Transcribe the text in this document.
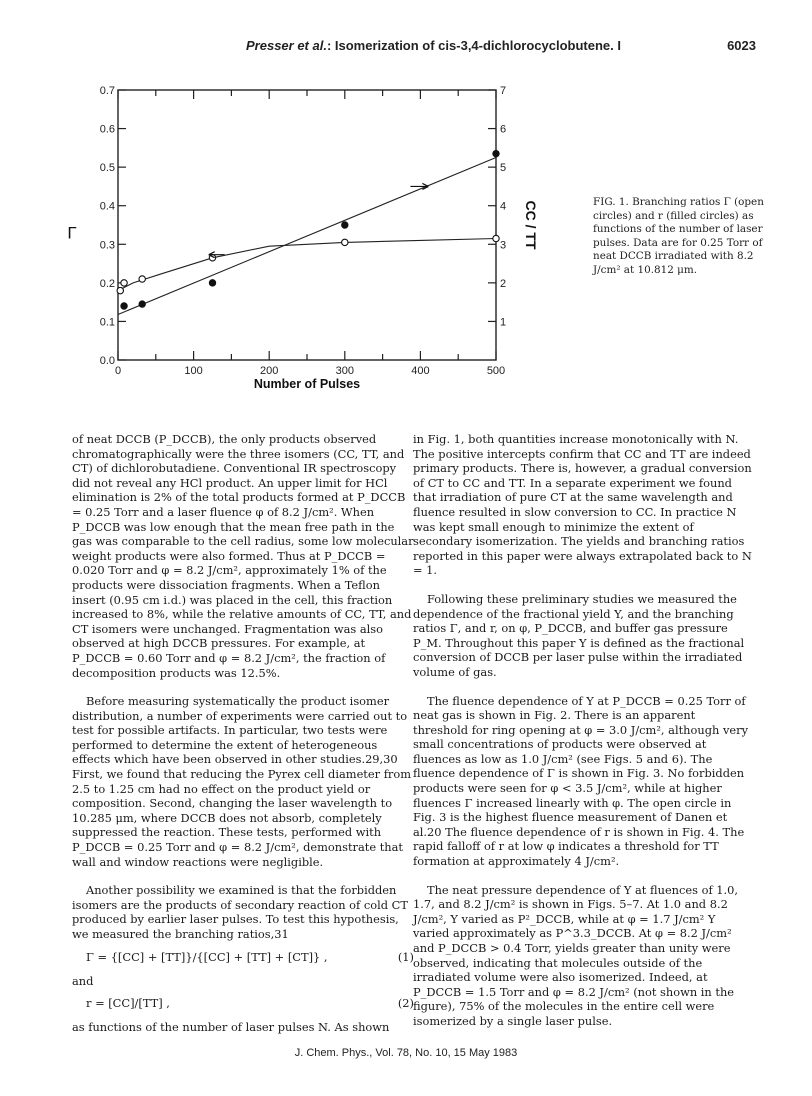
Presser et al.: Isomerization of cis-3,4-dichlorocyclobutene. I	6023
0	100	200	300	400	500
0.0
0.1
0.2
0.3
0.4
0.5
0.6
0.7
1
2
3
4
5
6
7
Number of Pulses
Γ	CC / TT	FIG. 1. Branching ratios Γ (open circles) and r (filled circles) as functions of the number of laser pulses. Data are for 0.25 Torr of neat DCCB irradiated with 8.2 J/cm² at 10.812 μm.

of neat DCCB (P_DCCB), the only products observed chromatographically were the three isomers (CC, TT, and CT) of dichlorobutadiene. Conventional IR spectroscopy did not reveal any HCl product. An upper limit for HCl elimination is 2% of the total products formed at P_DCCB = 0.25 Torr and a laser fluence φ of 8.2 J/cm². When P_DCCB was low enough that the mean free path in the gas was comparable to the cell radius, some low molecular weight products were also formed. Thus at P_DCCB = 0.020 Torr and φ = 8.2 J/cm², approximately 1% of the products were dissociation fragments. When a Teflon insert (0.95 cm i.d.) was placed in the cell, this fraction increased to 8%, while the relative amounts of CC, TT, and CT isomers were unchanged. Fragmentation was also observed at high DCCB pressures. For example, at P_DCCB = 0.60 Torr and φ = 8.2 J/cm², the fraction of decomposition products was 12.5%.

Before measuring systematically the product isomer distribution, a number of experiments were carried out to test for possible artifacts. In particular, two tests were performed to determine the extent of heterogeneous effects which have been observed in other studies.29,30 First, we found that reducing the Pyrex cell diameter from 2.5 to 1.25 cm had no effect on the product yield or composition. Second, changing the laser wavelength to 10.285 μm, where DCCB does not absorb, completely suppressed the reaction. These tests, performed with P_DCCB = 0.25 Torr and φ = 8.2 J/cm², demonstrate that wall and window reactions were negligible.

Another possibility we examined is that the forbidden isomers are the products of secondary reaction of cold CT produced by earlier laser pulses. To test this hypothesis, we measured the branching ratios,31

Γ = {[CC] + [TT]}/{[CC] + [TT] + [CT]} ,	(1)

and

r = [CC]/[TT] ,	(2)

as functions of the number of laser pulses N. As shown

in Fig. 1, both quantities increase monotonically with N. The positive intercepts confirm that CC and TT are indeed primary products. There is, however, a gradual conversion of CT to CC and TT. In a separate experiment we found that irradiation of pure CT at the same wavelength and fluence resulted in slow conversion to CC. In practice N was kept small enough to minimize the extent of secondary isomerization. The yields and branching ratios reported in this paper were always extrapolated back to N = 1.

Following these preliminary studies we measured the dependence of the fractional yield Y, and the branching ratios Γ, and r, on φ, P_DCCB, and buffer gas pressure P_M. Throughout this paper Y is defined as the fractional conversion of DCCB per laser pulse within the irradiated volume of gas.

The fluence dependence of Y at P_DCCB = 0.25 Torr of neat gas is shown in Fig. 2. There is an apparent threshold for ring opening at φ = 3.0 J/cm², although very small concentrations of products were observed at fluences as low as 1.0 J/cm² (see Figs. 5 and 6). The fluence dependence of Γ is shown in Fig. 3. No forbidden products were seen for φ < 3.5 J/cm², while at higher fluences Γ increased linearly with φ. The open circle in Fig. 3 is the highest fluence measurement of Danen et al.20 The fluence dependence of r is shown in Fig. 4. The rapid falloff of r at low φ indicates a threshold for TT formation at approximately 4 J/cm².

The neat pressure dependence of Y at fluences of 1.0, 1.7, and 8.2 J/cm² is shown in Figs. 5–7. At 1.0 and 8.2 J/cm², Y varied as P²_DCCB, while at φ = 1.7 J/cm² Y varied approximately as P^3.3_DCCB. At φ = 8.2 J/cm² and P_DCCB > 0.4 Torr, yields greater than unity were observed, indicating that molecules outside of the irradiated volume were also isomerized. Indeed, at P_DCCB = 1.5 Torr and φ = 8.2 J/cm² (not shown in the figure), 75% of the molecules in the entire cell were isomerized by a single laser pulse.

J. Chem. Phys., Vol. 78, No. 10, 15 May 1983
